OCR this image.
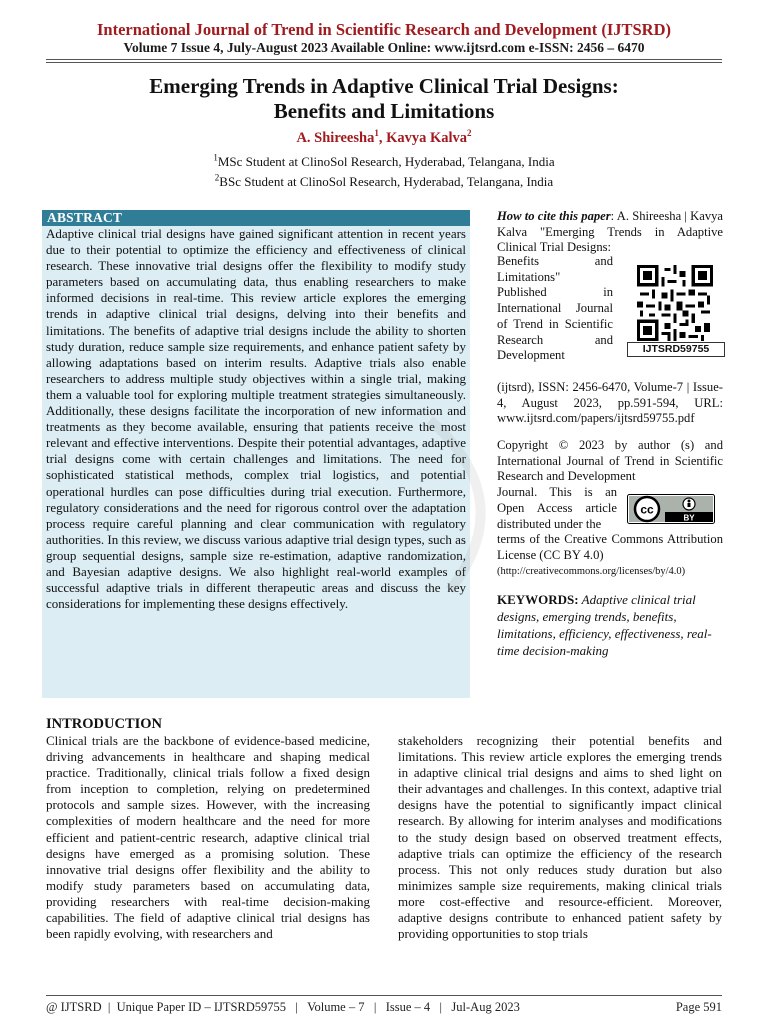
International Journal of Trend in Scientific Research and Development (IJTSRD)
Volume 7 Issue 4, July-August 2023 Available Online: www.ijtsrd.com e-ISSN: 2456 – 6470
Emerging Trends in Adaptive Clinical Trial Designs:
Benefits and Limitations
A. Shireesha$^1$, Kavya Kalva$^2$
$^1$MSc Student at ClinoSol Research, Hyderabad, Telangana, India
$^2$BSc Student at ClinoSol Research, Hyderabad, Telangana, India
ABSTRACT
Adaptive clinical trial designs have gained significant attention in recent years due to their potential to optimize the efficiency and effectiveness of clinical research. These innovative trial designs offer the flexibility to modify study parameters based on accumulating data, thus enabling researchers to make informed decisions in real-time. This review article explores the emerging trends in adaptive clinical trial designs, delving into their benefits and limitations. The benefits of adaptive trial designs include the ability to shorten study duration, reduce sample size requirements, and enhance patient safety by allowing adaptations based on interim results. Adaptive trials also enable researchers to address multiple study objectives within a single trial, making them a valuable tool for exploring multiple treatment strategies simultaneously. Additionally, these designs facilitate the incorporation of new information and treatments as they become available, ensuring that patients receive the most relevant and effective interventions. Despite their potential advantages, adaptive trial designs come with certain challenges and limitations. The need for sophisticated statistical methods, complex trial logistics, and potential operational hurdles can pose difficulties during trial execution. Furthermore, regulatory considerations and the need for rigorous control over the adaptation process require careful planning and clear communication with regulatory authorities. In this review, we discuss various adaptive trial design types, such as group sequential designs, sample size re-estimation, adaptive randomization, and Bayesian adaptive designs. We also highlight real-world examples of successful adaptive trials in different therapeutic areas and discuss the key considerations for implementing these designs effectively.
How to cite this paper: A. Shireesha | Kavya Kalva "Emerging Trends in Adaptive Clinical Trial Designs:
Benefits and Limitations" Published in International Journal of Trend in Scientific Research and Development	IJTSRD59755
(ijtsrd), ISSN: 2456-6470, Volume-7 | Issue-4, August 2023, pp.591-594, URL: www.ijtsrd.com/papers/ijtsrd59755.pdf
Copyright © 2023 by author (s) and International Journal of Trend in Scientific Research and Development
Journal. This is an Open Access article distributed under the
cc
BY
terms of the Creative Commons Attribution License (CC BY 4.0)
(http://creativecommons.org/licenses/by/4.0)
KEYWORDS: Adaptive clinical trial designs, emerging trends, benefits, limitations, efficiency, effectiveness, real-time decision-making
INTRODUCTION
Clinical trials are the backbone of evidence-based medicine, driving advancements in healthcare and shaping medical practice. Traditionally, clinical trials follow a fixed design from inception to completion, relying on predetermined protocols and sample sizes. However, with the increasing complexities of modern healthcare and the need for more efficient and patient-centric research, adaptive clinical trial designs have emerged as a promising solution. These innovative trial designs offer flexibility and the ability to modify study parameters based on accumulating data, providing researchers with real-time decision-making capabilities. The field of adaptive clinical trial designs has been rapidly evolving, with researchers and
stakeholders recognizing their potential benefits and limitations. This review article explores the emerging trends in adaptive clinical trial designs and aims to shed light on their advantages and challenges. In this context, adaptive trial designs have the potential to significantly impact clinical research. By allowing for interim analyses and modifications to the study design based on observed treatment effects, adaptive trials can optimize the efficiency of the research process. This not only reduces study duration but also minimizes sample size requirements, making clinical trials more cost-effective and resource-efficient. Moreover, adaptive designs contribute to enhanced patient safety by providing opportunities to stop trials
@ IJTSRD  |  Unique Paper ID – IJTSRD59755   |   Volume – 7   |   Issue – 4   |   Jul-Aug 2023	Page 591
